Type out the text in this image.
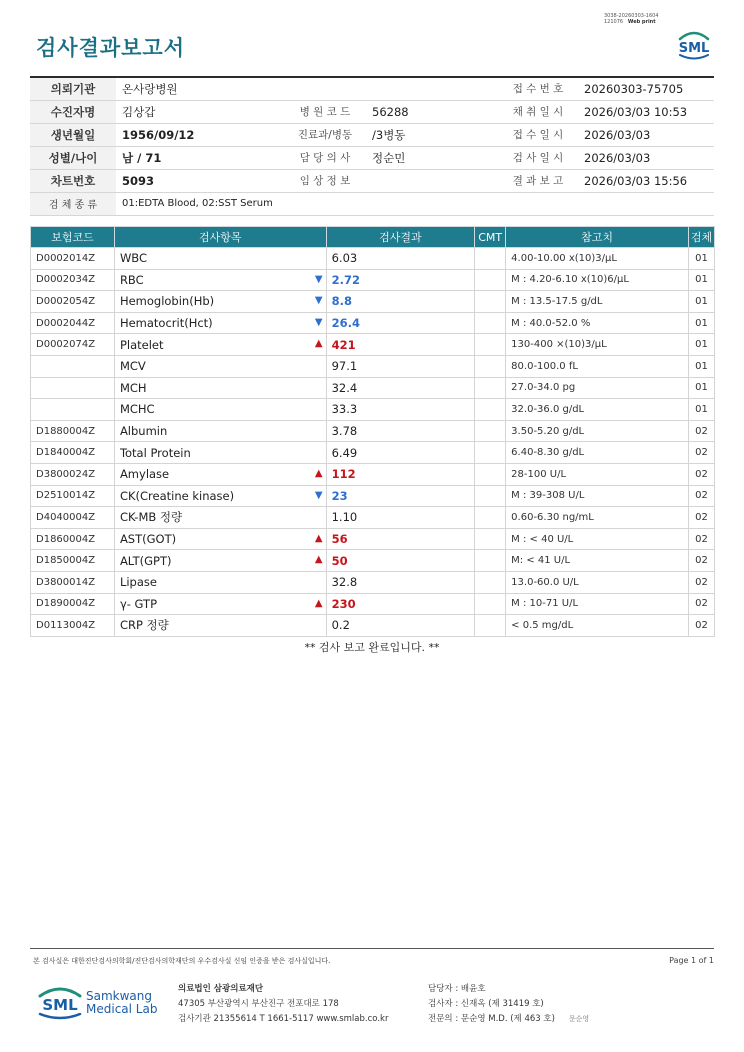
검사결과보고서
3038-20260303-1604
121076 Web print
SML
의뢰기관	온사랑병원			접 수 번 호	20260303-75705
수진자명	김상갑	병 원 코 드	56288	채 취 일 시	2026/03/03 10:53
생년월일	1956/09/12	진료과/병동	/3병동	접 수 일 시	2026/03/03
성별/나이	남 / 71	담 당 의 사	정순민	검 사 일 시	2026/03/03
차트번호	5093	임 상 정 보		결 과 보 고	2026/03/03 15:56
검 체 종 류	01:EDTA Blood, 02:SST Serum				
보험코드	검사항목	검사결과	CMT	참고치	검체
D0002014Z	WBC	6.03		4.00-10.00 x(10)3/μL	01
D0002034Z	RBC ▼	2.72		M : 4.20-6.10 x(10)6/μL	01
D0002054Z	Hemoglobin(Hb) ▼	8.8		M : 13.5-17.5 g/dL	01
D0002044Z	Hematocrit(Hct) ▼	26.4		M : 40.0-52.0 %	01
D0002074Z	Platelet ▲	421		130-400 ×(10)3/μL	01
	MCV	97.1		80.0-100.0 fL	01
	MCH	32.4		27.0-34.0 pg	01
	MCHC	33.3		32.0-36.0 g/dL	01
D1880004Z	Albumin	3.78		3.50-5.20 g/dL	02
D1840004Z	Total Protein	6.49		6.40-8.30 g/dL	02
D3800024Z	Amylase ▲	112		28-100 U/L	02
D2510014Z	CK(Creatine kinase) ▼	23		M : 39-308 U/L	02
D4040004Z	CK-MB 정량	1.10		0.60-6.30 ng/mL	02
D1860004Z	AST(GOT) ▲	56		M : < 40 U/L	02
D1850004Z	ALT(GPT) ▲	50		M: < 41 U/L	02
D3800014Z	Lipase	32.8		13.0-60.0 U/L	02
D1890004Z	γ- GTP ▲	230		M : 10-71 U/L	02
D0113004Z	CRP 정량	0.2		< 0.5 mg/dL	02
** 검사 보고 완료입니다. **
본 검사실은 대한진단검사의학회/진단검사의학재단의 우수검사실 신임 인증을 받은 검사실입니다.	Page 1 of 1
SML Samkwang
Medical Lab
의료법인 삼광의료재단
47305 부산광역시 부산진구 전포대로 178
검사기관 21355614 T 1661-5117 www.smlab.co.kr
담당자 : 배윤호
검사자 : 신재옥 (제 31419 호)
전문의 : 문순영 M.D. (제 463 호) 문순영
